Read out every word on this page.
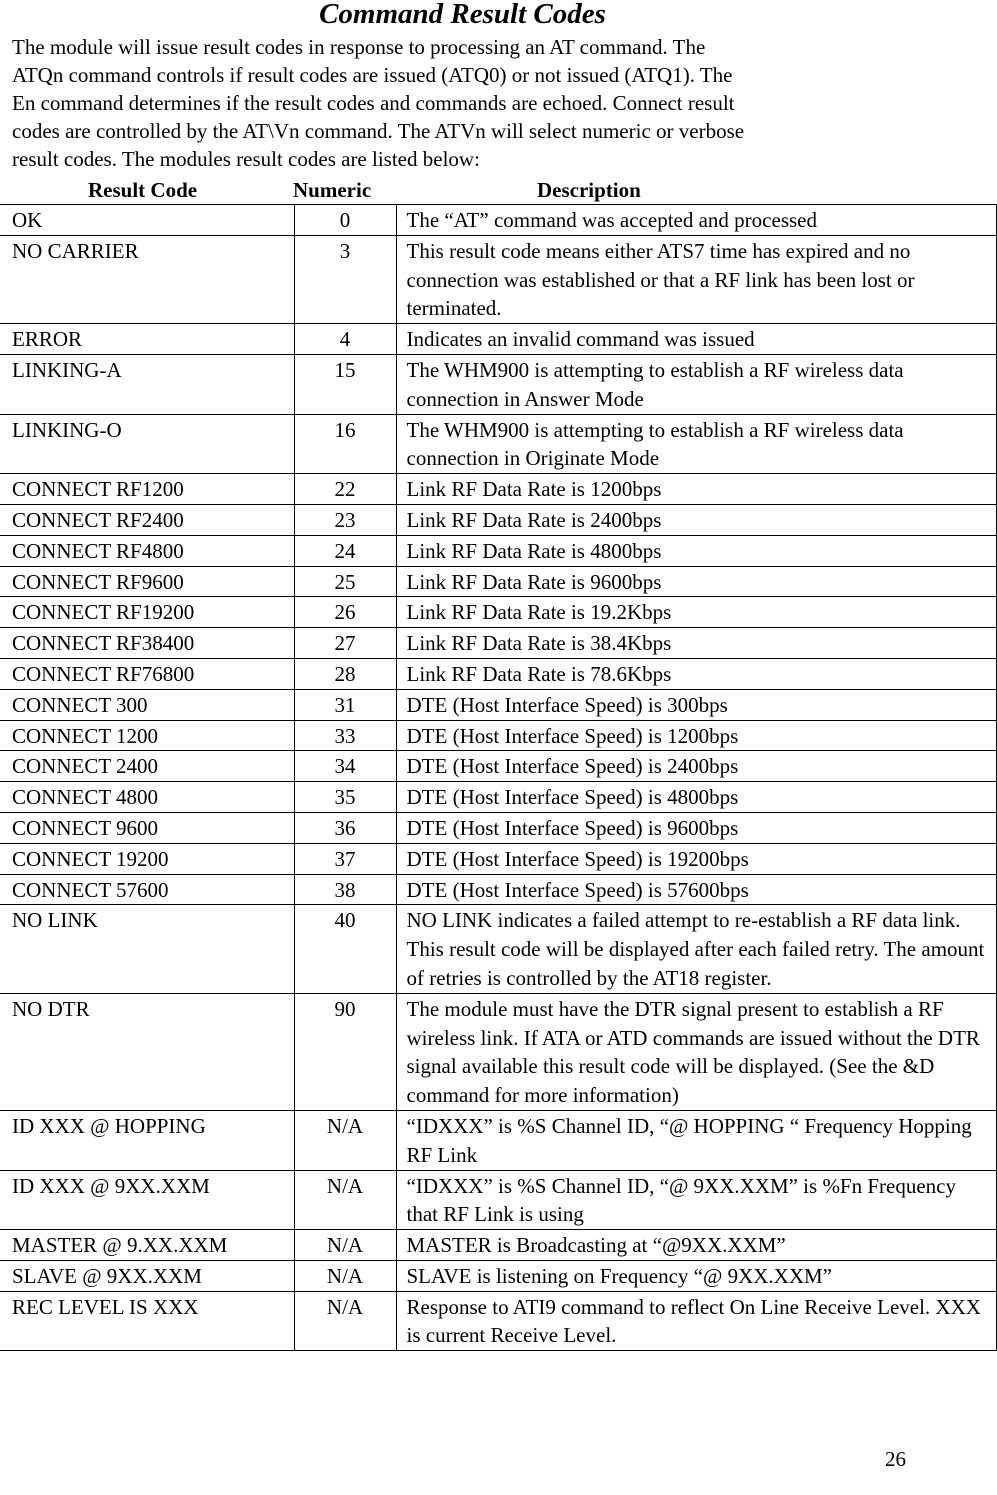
Command Result Codes

The module will issue result codes in response to processing an AT command. The

ATQn command controls if result codes are issued (ATQ0) or not issued (ATQ1). The

En command determines if the result codes and commands are echoed. Connect result

codes are controlled by the AT\Vn command. The ATVn will select numeric or verbose

result codes. The modules result codes are listed below:

Result Code	Numeric	Description
OK	0	The “AT” command was accepted and processed
NO CARRIER	3	This result code means either ATS7 time has expired and no connection was established or that a RF link has been lost or terminated.
ERROR	4	Indicates an invalid command was issued
LINKING-A	15	The WHM900 is attempting to establish a RF wireless data connection in Answer Mode
LINKING-O	16	The WHM900 is attempting to establish a RF wireless data connection in Originate Mode
CONNECT RF1200	22	Link RF Data Rate is 1200bps
CONNECT RF2400	23	Link RF Data Rate is 2400bps
CONNECT RF4800	24	Link RF Data Rate is 4800bps
CONNECT RF9600	25	Link RF Data Rate is 9600bps
CONNECT RF19200	26	Link RF Data Rate is 19.2Kbps
CONNECT RF38400	27	Link RF Data Rate is 38.4Kbps
CONNECT RF76800	28	Link RF Data Rate is 78.6Kbps
CONNECT 300	31	DTE (Host Interface Speed) is 300bps
CONNECT 1200	33	DTE (Host Interface Speed) is 1200bps
CONNECT 2400	34	DTE (Host Interface Speed) is 2400bps
CONNECT 4800	35	DTE (Host Interface Speed) is 4800bps
CONNECT 9600	36	DTE (Host Interface Speed) is 9600bps
CONNECT 19200	37	DTE (Host Interface Speed) is 19200bps
CONNECT 57600	38	DTE (Host Interface Speed) is 57600bps
NO LINK	40	NO LINK indicates a failed attempt to re-establish a RF data link. This result code will be displayed after each failed retry. The amount of retries is controlled by the AT18 register.
NO DTR	90	The module must have the DTR signal present to establish a RF wireless link. If ATA or ATD commands are issued without the DTR signal available this result code will be displayed. (See the &D command for more information)
ID XXX @ HOPPING	N/A	“IDXXX” is %S Channel ID, “@ HOPPING “ Frequency Hopping RF Link
ID XXX @ 9XX.XXM	N/A	“IDXXX” is %S Channel ID, “@ 9XX.XXM” is %Fn Frequency that RF Link is using
MASTER @ 9.XX.XXM	N/A	MASTER is Broadcasting at “@9XX.XXM”
SLAVE @ 9XX.XXM	N/A	SLAVE is listening on Frequency “@ 9XX.XXM”
REC LEVEL IS XXX	N/A	Response to ATI9 command to reflect On Line Receive Level. XXX is current Receive Level.
26
